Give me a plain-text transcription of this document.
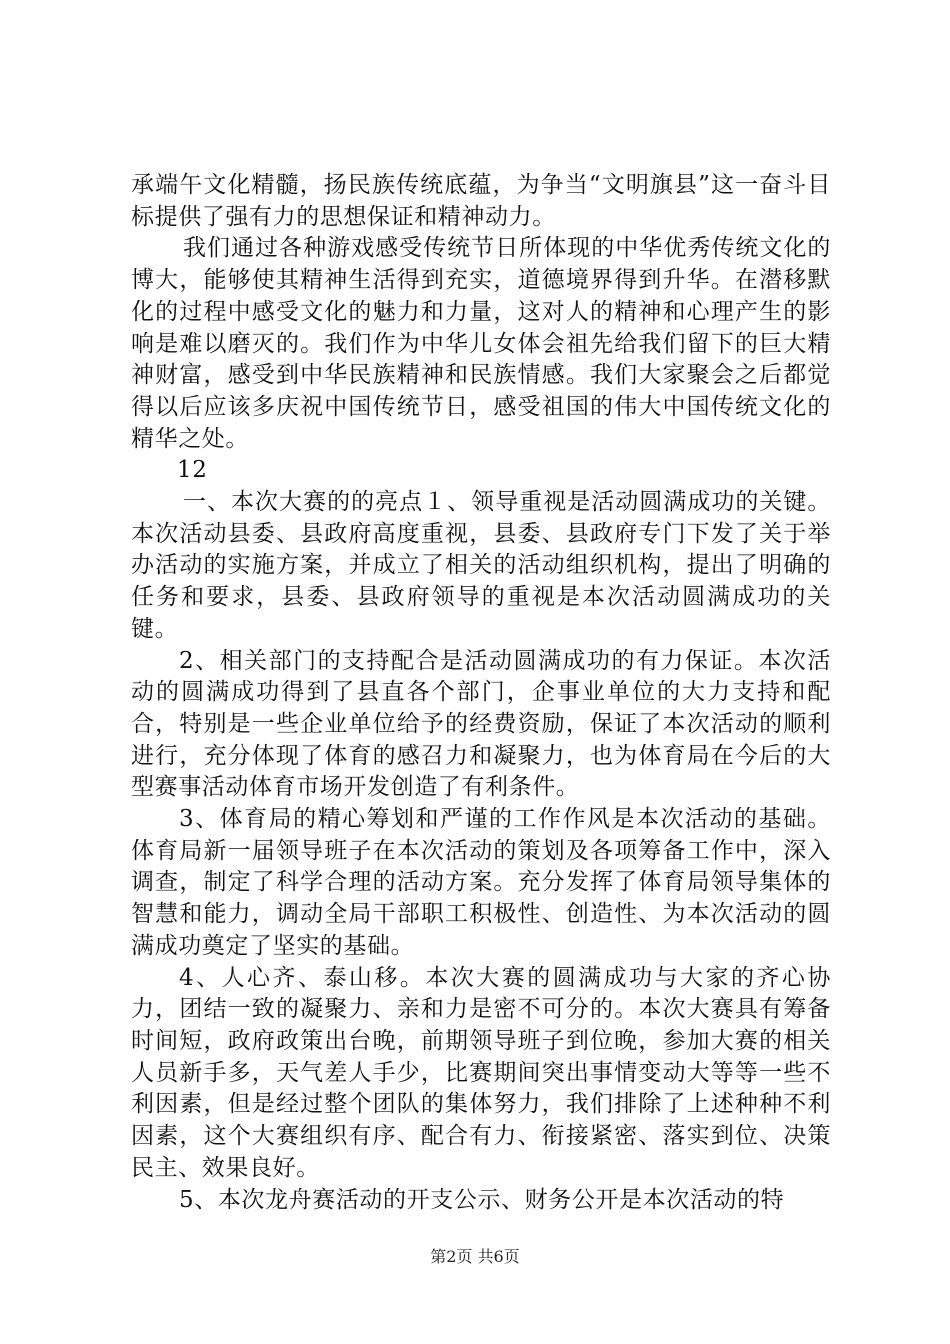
承端午文化精髓，扬民族传统底蕴，为争当“文明旗县”这一奋斗目标提供了强有力的思想保证和精神动力。

我们通过各种游戏感受传统节日所体现的中华优秀传统文化的博大，能够使其精神生活得到充实，道德境界得到升华。在潜移默化的过程中感受文化的魅力和力量，这对人的精神和心理产生的影响是难以磨灭的。我们作为中华儿女体会祖先给我们留下的巨大精神财富，感受到中华民族精神和民族情感。我们大家聚会之后都觉得以后应该多庆祝中国传统节日，感受祖国的伟大中国传统文化的精华之处。

12

一、本次大赛的的亮点１、领导重视是活动圆满成功的关键。本次活动县委、县政府高度重视，县委、县政府专门下发了关于举办活动的实施方案，并成立了相关的活动组织机构，提出了明确的任务和要求，县委、县政府领导的重视是本次活动圆满成功的关键。

2、相关部门的支持配合是活动圆满成功的有力保证。本次活动的圆满成功得到了县直各个部门，企事业单位的大力支持和配合，特别是一些企业单位给予的经费资励，保证了本次活动的顺利进行，充分体现了体育的感召力和凝聚力，也为体育局在今后的大型赛事活动体育市场开发创造了有利条件。

3、体育局的精心筹划和严谨的工作作风是本次活动的基础。体育局新一届领导班子在本次活动的策划及各项筹备工作中，深入调查，制定了科学合理的活动方案。充分发挥了体育局领导集体的智慧和能力，调动全局干部职工积极性、创造性、为本次活动的圆满成功奠定了坚实的基础。

4、人心齐、泰山移。本次大赛的圆满成功与大家的齐心协力，团结一致的凝聚力、亲和力是密不可分的。本次大赛具有筹备时间短，政府政策出台晚，前期领导班子到位晚，参加大赛的相关人员新手多，天气差人手少，比赛期间突出事情变动大等等一些不利因素，但是经过整个团队的集体努力，我们排除了上述种种不利因素，这个大赛组织有序、配合有力、衔接紧密、落实到位、决策民主、效果良好。

5、本次龙舟赛活动的开支公示、财务公开是本次活动的特

第2页 共6页
